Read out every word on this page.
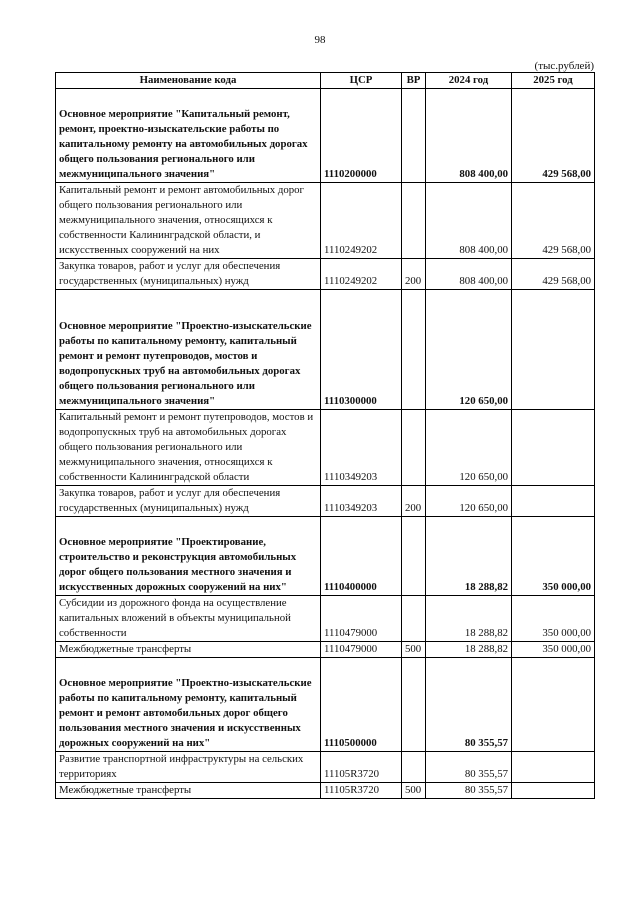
98
(тыс.рублей)
Наименование кода	ЦСР	ВР	2024 год	2025 год
Основное мероприятие "Капитальный ремонт, ремонт, проектно-изыскательские работы по капитальному ремонту на автомобильных дорогах общего пользования регионального или межмуниципального значения"	1110200000		808 400,00	429 568,00
Капитальный ремонт и ремонт автомобильных дорог общего пользования регионального или межмуниципального значения, относящихся к собственности Калининградской области, и искусственных сооружений на них	1110249202		808 400,00	429 568,00
Закупка товаров, работ и услуг для обеспечения государственных (муниципальных) нужд	1110249202	200	808 400,00	429 568,00
Основное мероприятие "Проектно-изыскательские работы по капитальному ремонту, капитальный ремонт и ремонт путепроводов, мостов и водопропускных труб на автомобильных дорогах общего пользования регионального или межмуниципального значения"	1110300000		120 650,00	
Капитальный ремонт и ремонт путепроводов, мостов и водопропускных труб на автомобильных дорогах общего пользования регионального или межмуниципального значения, относящихся к собственности Калининградской области	1110349203		120 650,00	
Закупка товаров, работ и услуг для обеспечения государственных (муниципальных) нужд	1110349203	200	120 650,00	
Основное мероприятие "Проектирование, строительство и реконструкция автомобильных дорог общего пользования местного значения и искусственных дорожных сооружений на них"	1110400000		18 288,82	350 000,00
Субсидии из дорожного фонда на осуществление капитальных вложений в объекты муниципальной собственности	1110479000		18 288,82	350 000,00
Межбюджетные трансферты	1110479000	500	18 288,82	350 000,00
Основное мероприятие "Проектно-изыскательские работы по капитальному ремонту, капитальный ремонт и ремонт автомобильных дорог общего пользования местного значения и искусственных дорожных сооружений на них"	1110500000		80 355,57	
Развитие транспортной инфраструктуры на сельских территориях	11105R3720		80 355,57	
Межбюджетные трансферты	11105R3720	500	80 355,57	
